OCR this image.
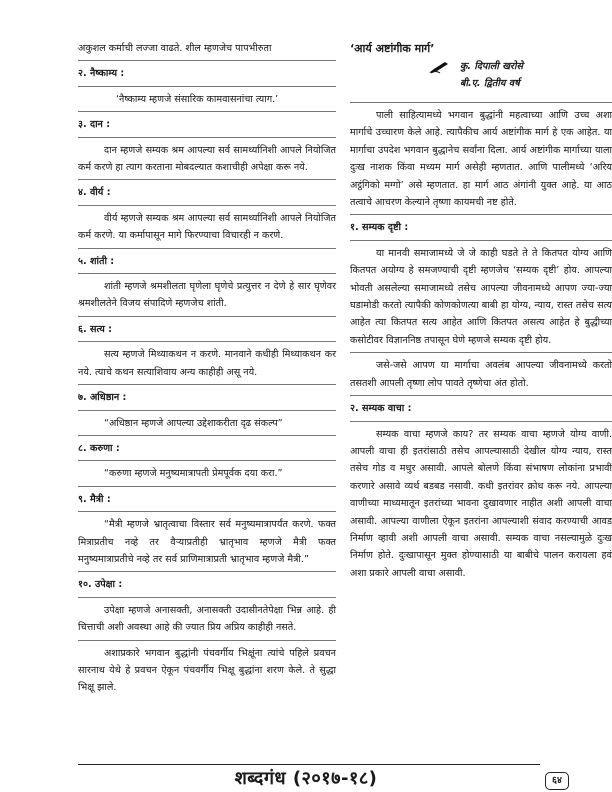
अकुशल कर्माची लज्जा वाढते. शील म्हणजेच पापभीरुता

२. नैष्काम्य :

‘नैष्काम्य म्हणजे संसारिक कामवासनांचा त्याग.’

३. दान :

दान म्हणजे सम्यक श्रम आपल्या सर्व सामर्थ्यानिशी आपले नियोजित कर्म करणे हा त्याग करताना मोबदल्यात कशाचीही अपेक्षा करू नये.

४. वीर्य :

वीर्य म्हणजे सम्यक श्रम आपल्या सर्व सामर्थ्यानिशी आपले नियोजित कर्म करणे. या कर्मापासून मागे फिरण्याचा विचारही न करणे.

५. शांती :

शांती म्हणजे श्रमशीलता घृणेला घृणेचे प्रत्युत्तर न देणे हे सार घृणेवर श्रमशीलतेने विजय संपादिणे म्हणजेच शांती.

६. सत्य :

सत्य म्हणजे मिथ्याकथन न करणे. मानवाने कधीही मिथ्याकथन कर नये. त्याचे कथन सत्याशिवाय अन्य काहीही असू नये.

७. अधिष्ठान :

“अधिष्ठान म्हणजे आपल्या उद्देशाकरीता दृढ संकल्प”

८. करुणा :

“करुणा म्हणजे मनुष्यमात्रापती प्रेमपूर्वक दया करा.”

९. मैत्री :

“मैत्री म्हणजे भ्रातृत्वाचा विस्तार सर्व मनुष्यमात्रापर्यंत करणे. फक्त मित्राप्रतीच नव्हे तर वैऱ्याप्रतीही भ्रातृभाव म्हणजे मैत्री फक्त मनुष्यमात्राप्रतीचे नव्हे तर सर्व प्राणिमात्राप्रती भ्रातृभाव म्हणजे मैत्री.”

१०. उपेक्षा :

उपेक्षा म्हणजे अनासक्ती, अनासक्ती उदासीनतेपेक्षा भिन्न आहे. ही चित्ताची अशी अवस्था आहे की ज्यात प्रिय अप्रिय काहीही नसते.

अशाप्रकारे भगवान बुद्धांनी पंचवर्गीय भिक्षूंना त्यांचे पहिले प्रवचन सारनाथ येथे हे प्रवचन ऐकून पंचवर्गीय भिक्षू बुद्धांना शरण केले. ते सुद्धा भिक्षू झाले.

‘आर्य अष्टांगीक मार्ग’

कु. दिपाली खरोसे
बी.ए. द्वितीय वर्ष

पाली साहित्यामध्ये भगवान बुद्धांनी महत्वाच्या आणि उच्च अशा मार्गाचे उच्चारण केले आहे. त्यापैकीच आर्य अष्टांगीक मार्ग हे एक आहेत. या मार्गाचा उपदेश भगवान बुद्धानेच सर्वांना दिला. आर्य अष्टांगीक मार्गाच्या याला दुःख नाशक किंवा मध्यम मार्ग असेही म्हणतात. आणि पालीमध्ये ‘अरिय अट्ठंगिको मग्गो’ असे म्हणतात. हा मार्ग आठ अंगांनी युक्त आहे. या आठ तत्वाचे आचरण केल्याने तृष्णा कायमची नष्ट होते.

१. सम्यक दृष्टी :

या मानवी समाजामध्ये जे जे काही घडते ते ते कितपत योग्य आणि कितपत अयोग्य हे समजण्याची दृष्टी म्हणजेच ‘सम्यक दृष्टी’ होय. आपल्या भोवती असलेल्या समाजामध्ये तसेच आपल्या जीवनामध्ये आपण ज्या-ज्या घडामोडी करतो त्यापैकी कोणकोणत्या बाबी हा योग्य, न्याय, रास्त तसेच सत्य आहेत त्या कितपत सत्य आहेत आणि कितपत असत्य आहेत हे बुद्धीच्या कसोटीवर विज्ञाननिष्ठ तपासून घेणे म्हणजे सम्यक दृष्टी होय.

जसे-जसे आपण या मार्गाचा अवलंब आपल्या जीवनामध्ये करतो तसतशी आपली तृष्णा लोप पावते तृष्णेचा अंत होतो.

२. सम्यक वाचा :

सम्यक वाचा म्हणजे काय? तर सम्यक वाचा म्हणजे योग्य वाणी. आपली वाचा ही इतरांसाठी तसेच आपल्यासाठी देखील योग्य न्याय, रास्त तसेच गोड व मधुर असावी. आपले बोलणे किंवा संभाषण लोकांना प्रभावी करणारे असावे व्यर्थ बडबड नसावी. कधी इतरांवर क्रोध करू नये. आपल्या वाणीच्या माध्यमातून इतरांच्या भावना दुखावणार नाहीत अशी आपली वाचा असावी. आपल्या वाणीला ऐकून इतरांना आपल्याशी संवाद करण्याची आवड निर्माण व्हावी अशी आपली वाचा असावी. सम्यक वाचा नसल्यामुळे दुःख निर्माण होते. दुःखापासून मुक्त होण्यासाठी या बाबीचे पालन करायला हवं अशा प्रकारे आपली वाचा असावी.

शब्दगंध (२०१७-१८)	६४
